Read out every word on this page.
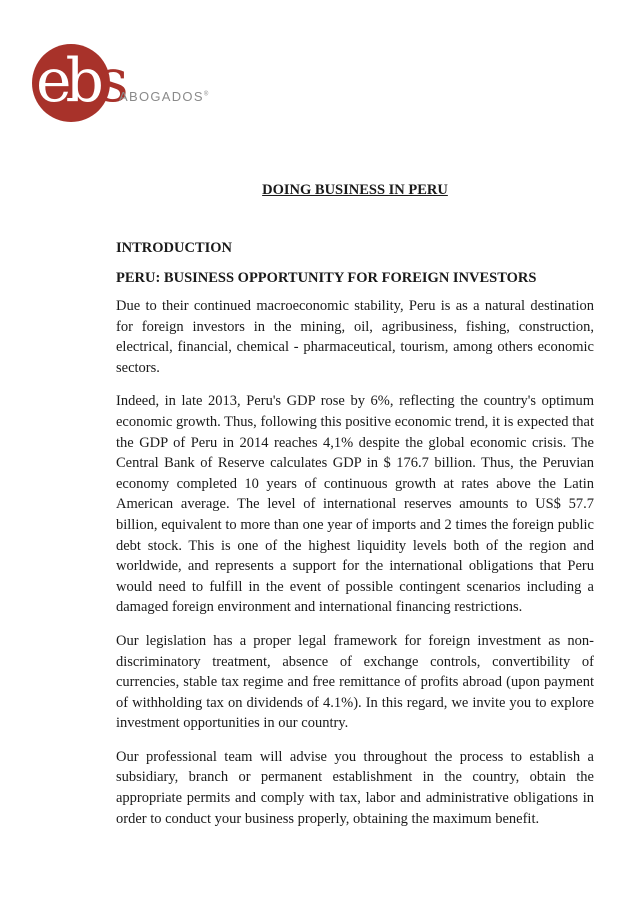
ebs
ABOGADOS®
DOING BUSINESS IN PERU

INTRODUCTION

PERU: BUSINESS OPPORTUNITY FOR FOREIGN INVESTORS

Due to their continued macroeconomic stability, Peru is as a natural destination for foreign investors in the mining, oil, agribusiness, fishing, construction, electrical, financial, chemical - pharmaceutical, tourism, among others economic sectors.

Indeed, in late 2013, Peru's GDP rose by 6%, reflecting the country's optimum economic growth. Thus, following this positive economic trend, it is expected that the GDP of Peru in 2014 reaches 4,1% despite the global economic crisis. The Central Bank of Reserve calculates GDP in $ 176.7 billion. Thus, the Peruvian economy completed 10 years of continuous growth at rates above the Latin American average. The level of international reserves amounts to US$ 57.7 billion, equivalent to more than one year of imports and 2 times the foreign public debt stock. This is one of the highest liquidity levels both of the region and worldwide, and represents a support for the international obligations that Peru would need to fulfill in the event of possible contingent scenarios including a damaged foreign environment and international financing restrictions.

Our legislation has a proper legal framework for foreign investment as non-discriminatory treatment, absence of exchange controls, convertibility of currencies, stable tax regime and free remittance of profits abroad (upon payment of withholding tax on dividends of 4.1%). In this regard, we invite you to explore investment opportunities in our country.

Our professional team will advise you throughout the process to establish a subsidiary, branch or permanent establishment in the country, obtain the appropriate permits and comply with tax, labor and administrative obligations in order to conduct your business properly, obtaining the maximum benefit.
